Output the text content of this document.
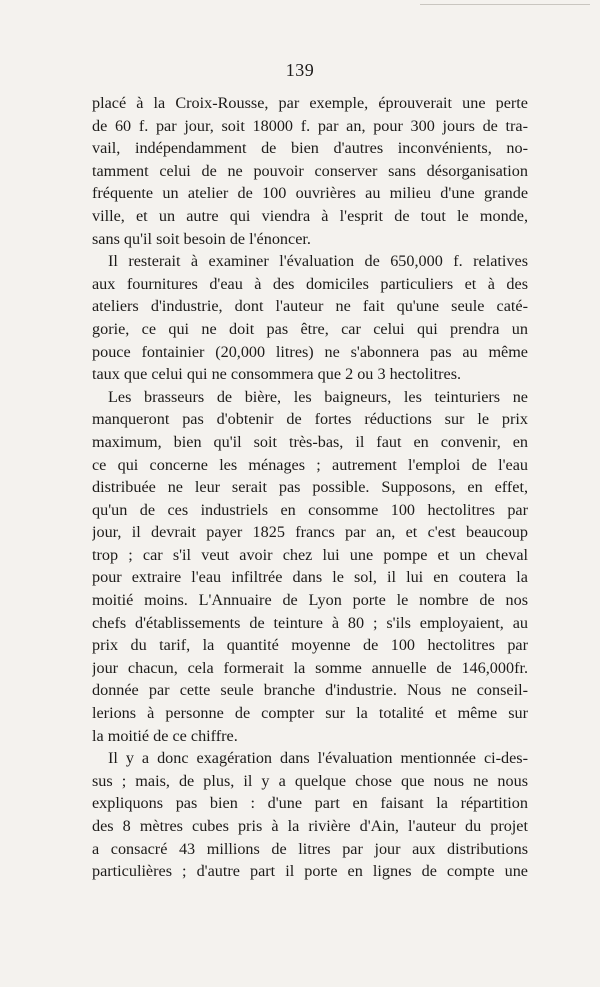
139
placé à la Croix-Rousse, par exemple, éprouverait une perte
de 60 f. par jour, soit 18000 f. par an, pour 300 jours de tra-
vail, indépendamment de bien d'autres inconvénients, no-
tamment celui de ne pouvoir conserver sans désorganisation
fréquente un atelier de 100 ouvrières au milieu d'une grande
ville, et un autre qui viendra à l'esprit de tout le monde,
sans qu'il soit besoin de l'énoncer.
Il resterait à examiner l'évaluation de 650,000 f. relatives
aux fournitures d'eau à des domiciles particuliers et à des
ateliers d'industrie, dont l'auteur ne fait qu'une seule caté-
gorie, ce qui ne doit pas être, car celui qui prendra un
pouce fontainier (20,000 litres) ne s'abonnera pas au même
taux que celui qui ne consommera que 2 ou 3 hectolitres.
Les brasseurs de bière, les baigneurs, les teinturiers ne
manqueront pas d'obtenir de fortes réductions sur le prix
maximum, bien qu'il soit très-bas, il faut en convenir, en
ce qui concerne les ménages ; autrement l'emploi de l'eau
distribuée ne leur serait pas possible. Supposons, en effet,
qu'un de ces industriels en consomme 100 hectolitres par
jour, il devrait payer 1825 francs par an, et c'est beaucoup
trop ; car s'il veut avoir chez lui une pompe et un cheval
pour extraire l'eau infiltrée dans le sol, il lui en coutera la
moitié moins. L'Annuaire de Lyon porte le nombre de nos
chefs d'établissements de teinture à 80 ; s'ils employaient, au
prix du tarif, la quantité moyenne de 100 hectolitres par
jour chacun, cela formerait la somme annuelle de 146,000fr.
donnée par cette seule branche d'industrie. Nous ne conseil-
lerions à personne de compter sur la totalité et même sur
la moitié de ce chiffre.
Il y a donc exagération dans l'évaluation mentionnée ci-des-
sus ; mais, de plus, il y a quelque chose que nous ne nous
expliquons pas bien : d'une part en faisant la répartition
des 8 mètres cubes pris à la rivière d'Ain, l'auteur du projet
a consacré 43 millions de litres par jour aux distributions
particulières ; d'autre part il porte en lignes de compte une
